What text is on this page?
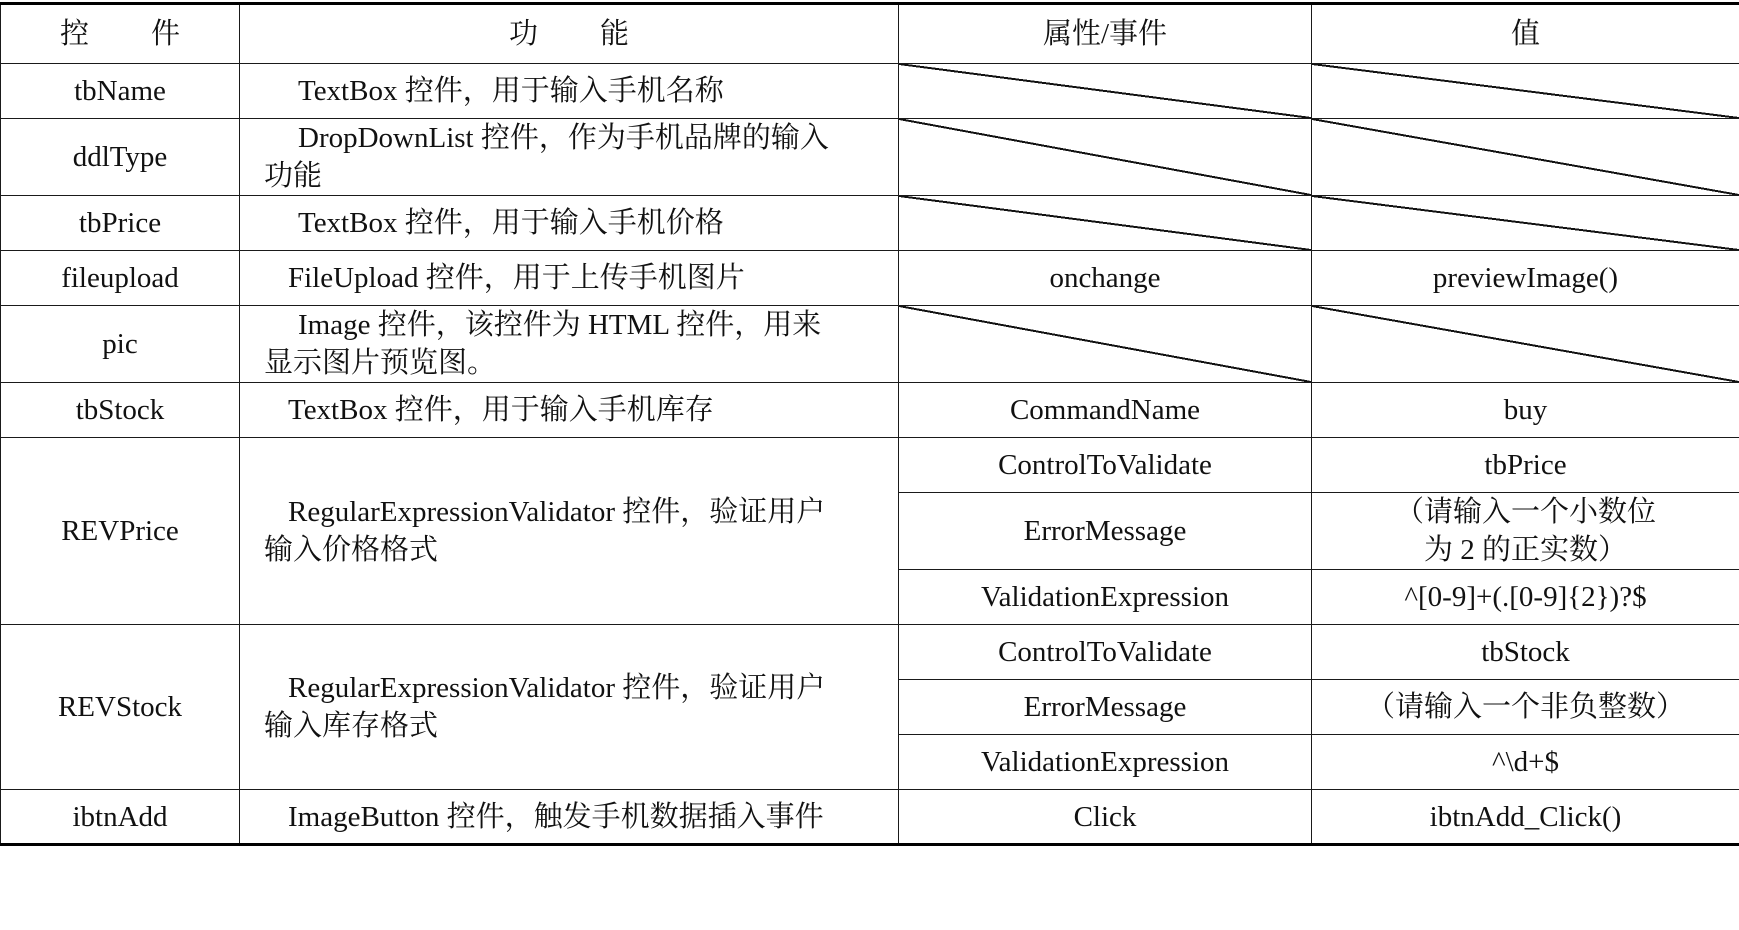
控 件	功 能	属性/事件	值
tbName	TextBox 控件，用于输入手机名称		

ddlType	DropDownList 控件，作为手机品牌的输入
功能		

tbPrice	TextBox 控件，用于输入手机价格		

fileupload	FileUpload 控件，用于上传手机图片	onchange	previewImage()
pic	Image 控件，该控件为 HTML 控件，用来
显示图片预览图。		

tbStock	TextBox 控件，用于输入手机库存	CommandName	buy
REVPrice	RegularExpressionValidator 控件，验证用户
输入价格格式	ControlToValidate	tbPrice
		ErrorMessage	（请输入一个小数位
为 2 的正实数）

		ValidationExpression	^[0-9]+(.[0-9]{2})?$
REVStock	RegularExpressionValidator 控件，验证用户
输入库存格式	ControlToValidate	tbStock
		ErrorMessage	（请输入一个非负整数）
		ValidationExpression	^\d+$
ibtnAdd	ImageButton 控件，触发手机数据插入事件	Click	ibtnAdd_Click()
